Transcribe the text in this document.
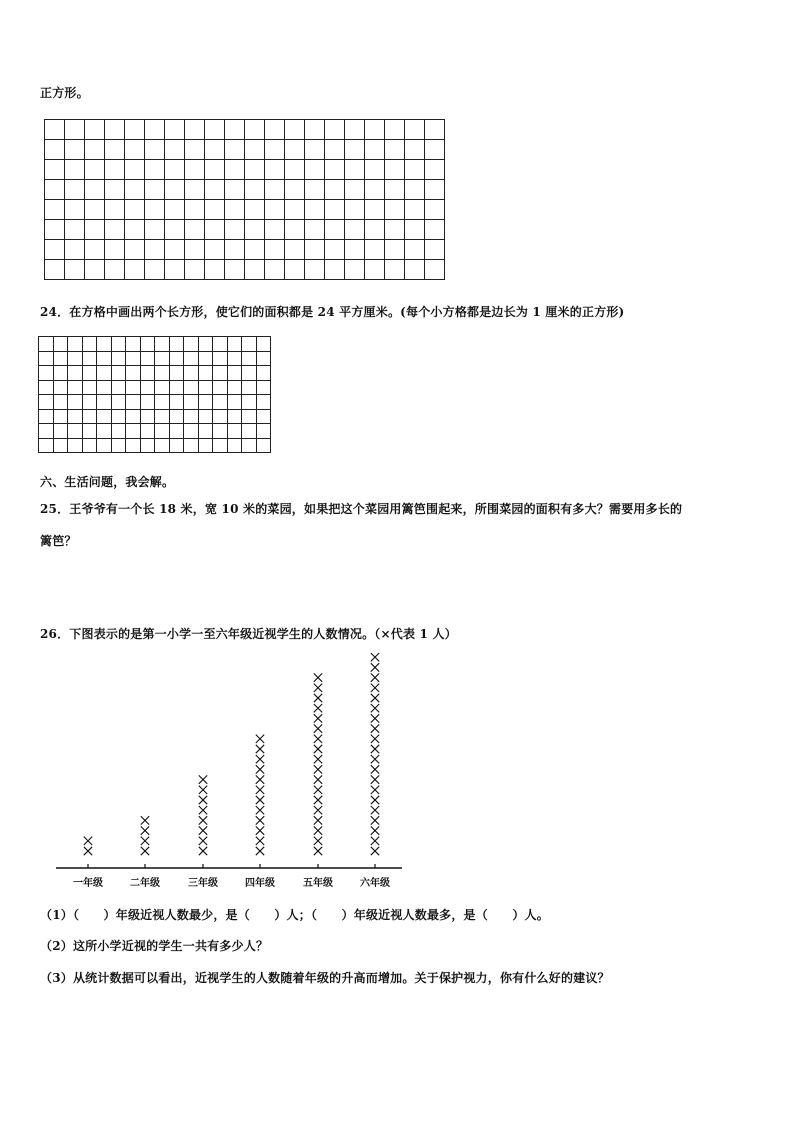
正方形。

24．在方格中画出两个长方形，使它们的面积都是 24 平方厘米。(每个小方格都是边长为 1 厘米的正方形)

六、生活问题，我会解。
25．王爷爷有一个长 18 米，宽 10 米的菜园，如果把这个菜园用篱笆围起来，所围菜园的面积有多大？需要用多长的
篱笆？
26．下图表示的是第一小学一至六年级近视学生的人数情况。（×代表 1 人）
一年级	二年级	三年级	四年级	五年级	六年级
（1）（　　）年级近视人数最少，是（　　）人；（　　）年级近视人数最多，是（　　）人。
（2）这所小学近视的学生一共有多少人？
（3）从统计数据可以看出，近视学生的人数随着年级的升高而增加。关于保护视力，你有什么好的建议？
